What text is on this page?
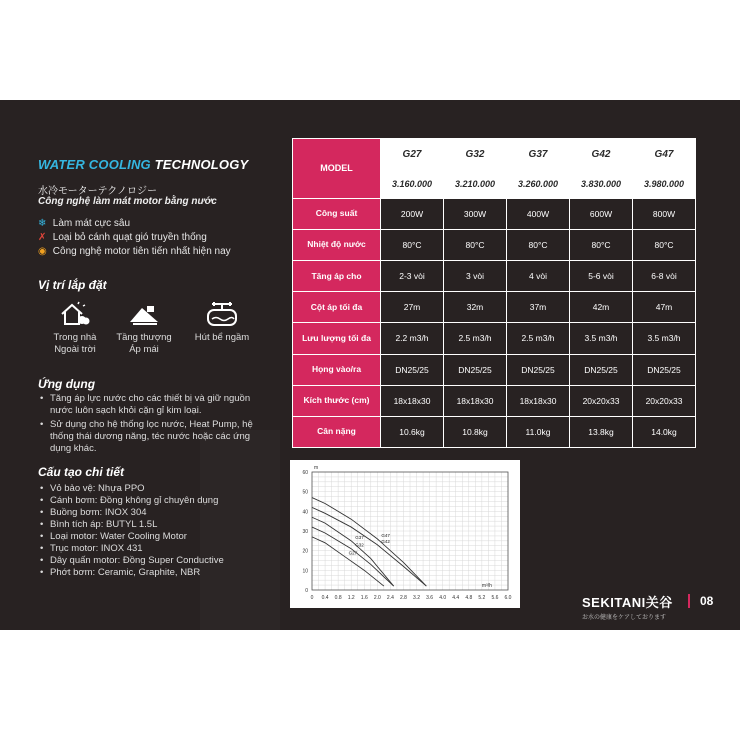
WATER COOLING TECHNOLOGY
水冷モーターテクノロジー
Công nghệ làm mát motor bằng nước
❄ Làm mát cực sâu
✗ Loại bỏ cánh quạt gió truyền thống
◉ Công nghệ motor tiên tiến nhất hiện nay
Vị trí lắp đặt
Trong nhà
Ngoài trời
Tầng thượng
Áp mái
Hút bể ngầm
Ứng dụng
• Tăng áp lực nước cho các thiết bị và giữ nguồn nước luôn sạch khỏi cặn gỉ kim loại.
• Sử dụng cho hệ thống lọc nước, Heat Pump, hệ thống thái dương năng, téc nước hoặc các ứng dụng khác.
Cấu tạo chi tiết
• Vỏ bảo vệ: Nhựa PPO
• Cánh bơm: Đồng không gỉ chuyên dụng
• Buồng bơm: INOX 304
• Bình tích áp: BUTYL 1.5L
• Loại motor: Water Cooling Motor
• Trục motor: INOX 431
• Dây quấn motor: Đồng Super Conductive
• Phớt bơm: Ceramic, Graphite, NBR
MODEL	G27	G32	G37	G42	G47
	3.160.000	3.210.000	3.260.000	3.830.000	3.980.000
Công suất	200W	300W	400W	600W	800W
Nhiệt độ nước	80°C	80°C	80°C	80°C	80°C
Tăng áp cho	2-3 vòi	3 vòi	4 vòi	5-6 vòi	6-8 vòi
Cột áp tối đa	27m	32m	37m	42m	47m
Lưu lượng tối đa	2.2 m3/h	2.5 m3/h	2.5 m3/h	3.5 m3/h	3.5 m3/h
Họng vào/ra	DN25/25	DN25/25	DN25/25	DN25/25	DN25/25
Kích thước (cm)	18x18x30	18x18x30	18x18x30	20x20x33	20x20x33
Cân nặng	10.6kg	10.8kg	11.0kg	13.8kg	14.0kg
0 0.4 0.8 1.2 1.6 2.0 2.4 2.8 3.2 3.6 4.0 4.4 4.8 5.2 5.6 6.0
0
10
20
30
40
50
60
m
m³/h
G47
G42
G37
G32
G27
SEKITANI关谷
お水の健康をケアしております
08
